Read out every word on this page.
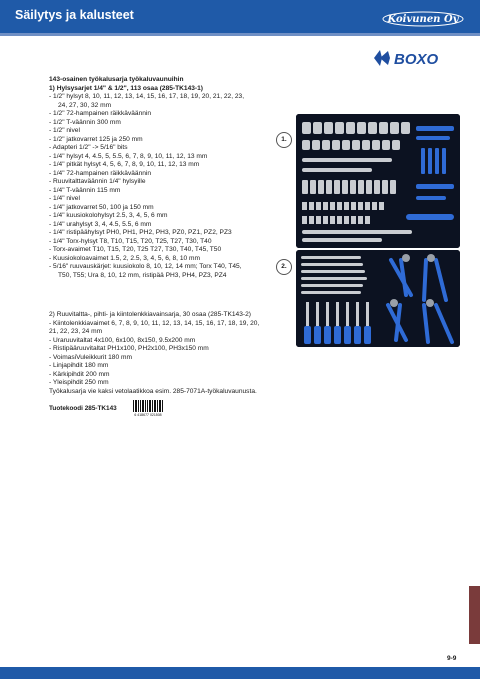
Säilytys ja kalusteet	Koivunen Oy
BOXO
143-osainen työkalusarja työkaluvaunuihin
1) Hylsysarjet 1/4" & 1/2", 113 osaa (285-TK143-1)
- 1/2" hylsyt 8, 10, 11, 12, 13, 14, 15, 16, 17, 18, 19, 20, 21, 22, 23,
24, 27, 30, 32 mm
- 1/2" 72-hampainen räikkäväännin
- 1/2" T-väännin 300 mm
- 1/2" nivel
- 1/2" jatkovarret 125 ja 250 mm
- Adapteri 1/2" -> 5/16" bits
- 1/4" hylsyt 4, 4.5, 5, 5.5, 6, 7, 8, 9, 10, 11, 12, 13 mm
- 1/4" pitkät hylsyt 4, 5, 6, 7, 8, 9, 10, 11, 12, 13 mm
- 1/4" 72-hampainen räikkäväännin
- Ruuvitalttaväännin 1/4" hylsyille
- 1/4" T-väännin 115 mm
- 1/4" nivel
- 1/4" jatkovarret 50, 100 ja 150 mm
- 1/4" kuusiokolohylsyt 2.5, 3, 4, 5, 6 mm
- 1/4" urahylsyt 3, 4, 4.5, 5.5, 6 mm
- 1/4" ristipäähylsyt PH0, PH1, PH2, PH3, PZ0, PZ1, PZ2, PZ3
- 1/4" Torx-hylsyt T8, T10, T15, T20, T25, T27, T30, T40
- Torx-avaimet T10, T15, T20, T25 T27, T30, T40, T45, T50
- Kuusiokoloavaimet 1.5, 2, 2.5, 3, 4, 5, 6, 8, 10 mm
- 5/16" ruuvauskärjet: kuusiokolo 8, 10, 12, 14 mm; Torx T40, T45,
T50, T55; Ura 8, 10, 12 mm, ristipää PH3, PH4, PZ3, PZ4
1.
2.
2) Ruuvitaltta-, pihti- ja kiintolenkkiavainsarja, 30 osaa (285-TK143-2)
- Kiintolenkkiavaimet 6, 7, 8, 9, 10, 11, 12, 13, 14, 15, 16, 17, 18, 19, 20,
21, 22, 23, 24 mm
- Uraruuvitaltat 4x100, 6x100, 8x150, 9.5x200 mm
- Ristipääruuvitaltat PH1x100, PH2x100, PH3x150 mm
- VoimasiVuleikkurit 180 mm
- Linjapihdit 180 mm
- Kärkipihdit 200 mm
- Yleispihdit 250 mm
Työkalusarja vie kaksi vetolaatikkoa esim. 285-7071A-työkaluvaunusta.
Tuotekoodi 285-TK143
6 418677 021508
9-9
